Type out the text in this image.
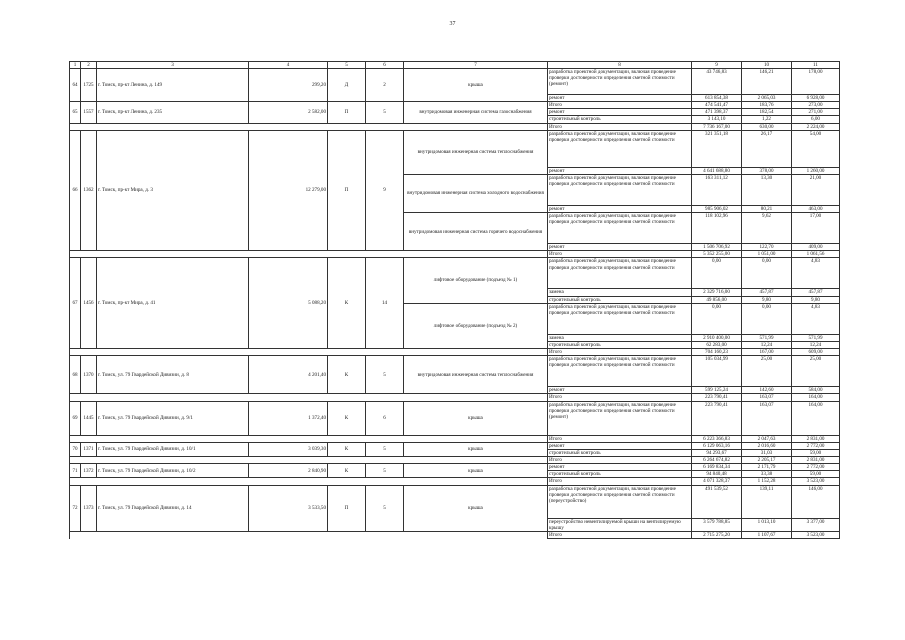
37
1	2	3	4	5	6	7	8	9	10	11
64	1725	г. Томск, пр-кт Ленина, д. 149	299,20	Д	2	крыша	разработка проектной документации, включая проведение проверки достоверности определения сметной стоимости (ремонт)	43 746,83	146,21	178,00
							ремонт	613 854,38	2 065,03	6 928,00
65	1557	г. Томск, пр-кт Ленина, д. 235	2 582,00	П	5	внутридомовая инженерная система газоснабжения	Итого	474 541,47	183,76	273,00
							ремонт	471 398,37	182,54	271,00
							строительный контроль	3 143,10	1,22	6,00
							Итого	7 736 167,00	630,00	2 224,00
66	1362	г. Томск, пр-кт Мира, д. 3	12 279,00	П	9	внутридомовая инженерная система теплоснабжения	разработка проектной документации, включая проведение проверки достоверности определения сметной стоимости	321 351,18	26,17	54,00
							ремонт	4 641 688,80	378,00	1 260,00
						внутридомовая инженерная система холодного водоснабжения	разработка проектной документации, включая проведение проверки достоверности определения сметной стоимости	163 311,12	13,30	21,00
							ремонт	985 906,02	80,21	463,00
						внутридомовая инженерная система горячего водоснабжения	разработка проектной документации, включая проведение проверки достоверности определения сметной стоимости	118 102,96	9,62	17,00
							ремонт	1 506 706,92	122,70	409,00
							Итого	5 352 255,00	1 051,00	1 061,56
67	1456	г. Томск, пр-кт Мира, д. 41	5 088,20	К	14	лифтовое оборудование (подъезд № 1)	разработка проектной документации, включая проведение проверки достоверности определения сметной стоимости	0,00	0,00	4,83
							замена	2 329 716,00	457,87	457,87
							строительный контроль	49 856,00	9,80	9,80
						лифтовое оборудование (подъезд № 2)	разработка проектной документации, включая проведение проверки достоверности определения сметной стоимости	0,00	0,00	4,83
							замена	2 910 400,00	571,99	571,99
							строительный контроль	62 283,00	12,24	12,24
							Итого	704 160,23	167,00	609,00
68	1370	г. Томск, ул. 79 Гвардейской Дивизии, д. 8	4 201,40	К	5	внутридомовая инженерная система теплоснабжения	разработка проектной документации, включая проведение проверки достоверности определения сметной стоимости	105 034,99	25,00	25,00
							ремонт	599 125,24	142,60	584,00
							Итого	223 790,41	163,07	164,00
69	1445	г. Томск, ул. 79 Гвардейской Дивизии, д. 9/1	1 372,40	К	6	крыша	разработка проектной документации, включая проведение проверки достоверности определения сметной стоимости (ремонт)	223 790,41	163,07	164,00
							Итого	6 223 366,83	2 047,63	2 831,00
70	1371	г. Томск, ул. 79 Гвардейской Дивизии, д. 10/1	3 039,30	К	5	крыша	ремонт	6 129 063,16	2 016,60	2 772,00
							строительный контроль	94 293,67	31,03	59,00
							Итого	6 264 674,82	2 205,17	2 831,00
71	1372	г. Томск, ул. 79 Гвардейской Дивизии, д. 10/2	2 840,90	К	5	крыша	ремонт	6 169 834,34	2 171,79	2 772,00
							строительный контроль	94 840,48	33,38	59,00
							Итого	4 071 328,37	1 152,28	3 523,00
72	1373	г. Томск, ул. 79 Гвардейской Дивизии, д. 14	3 533,50	П	5	крыша	разработка проектной документации, включая проведение проверки достоверности определения сметной стоимости (переустройство)	491 539,52	139,11	146,00
							переустройство невентилируемой крыши на вентилируемую крышу	3 579 788,85	1 013,10	3 377,00
							Итого	2 715 275,20	1 107,67	3 523,00
